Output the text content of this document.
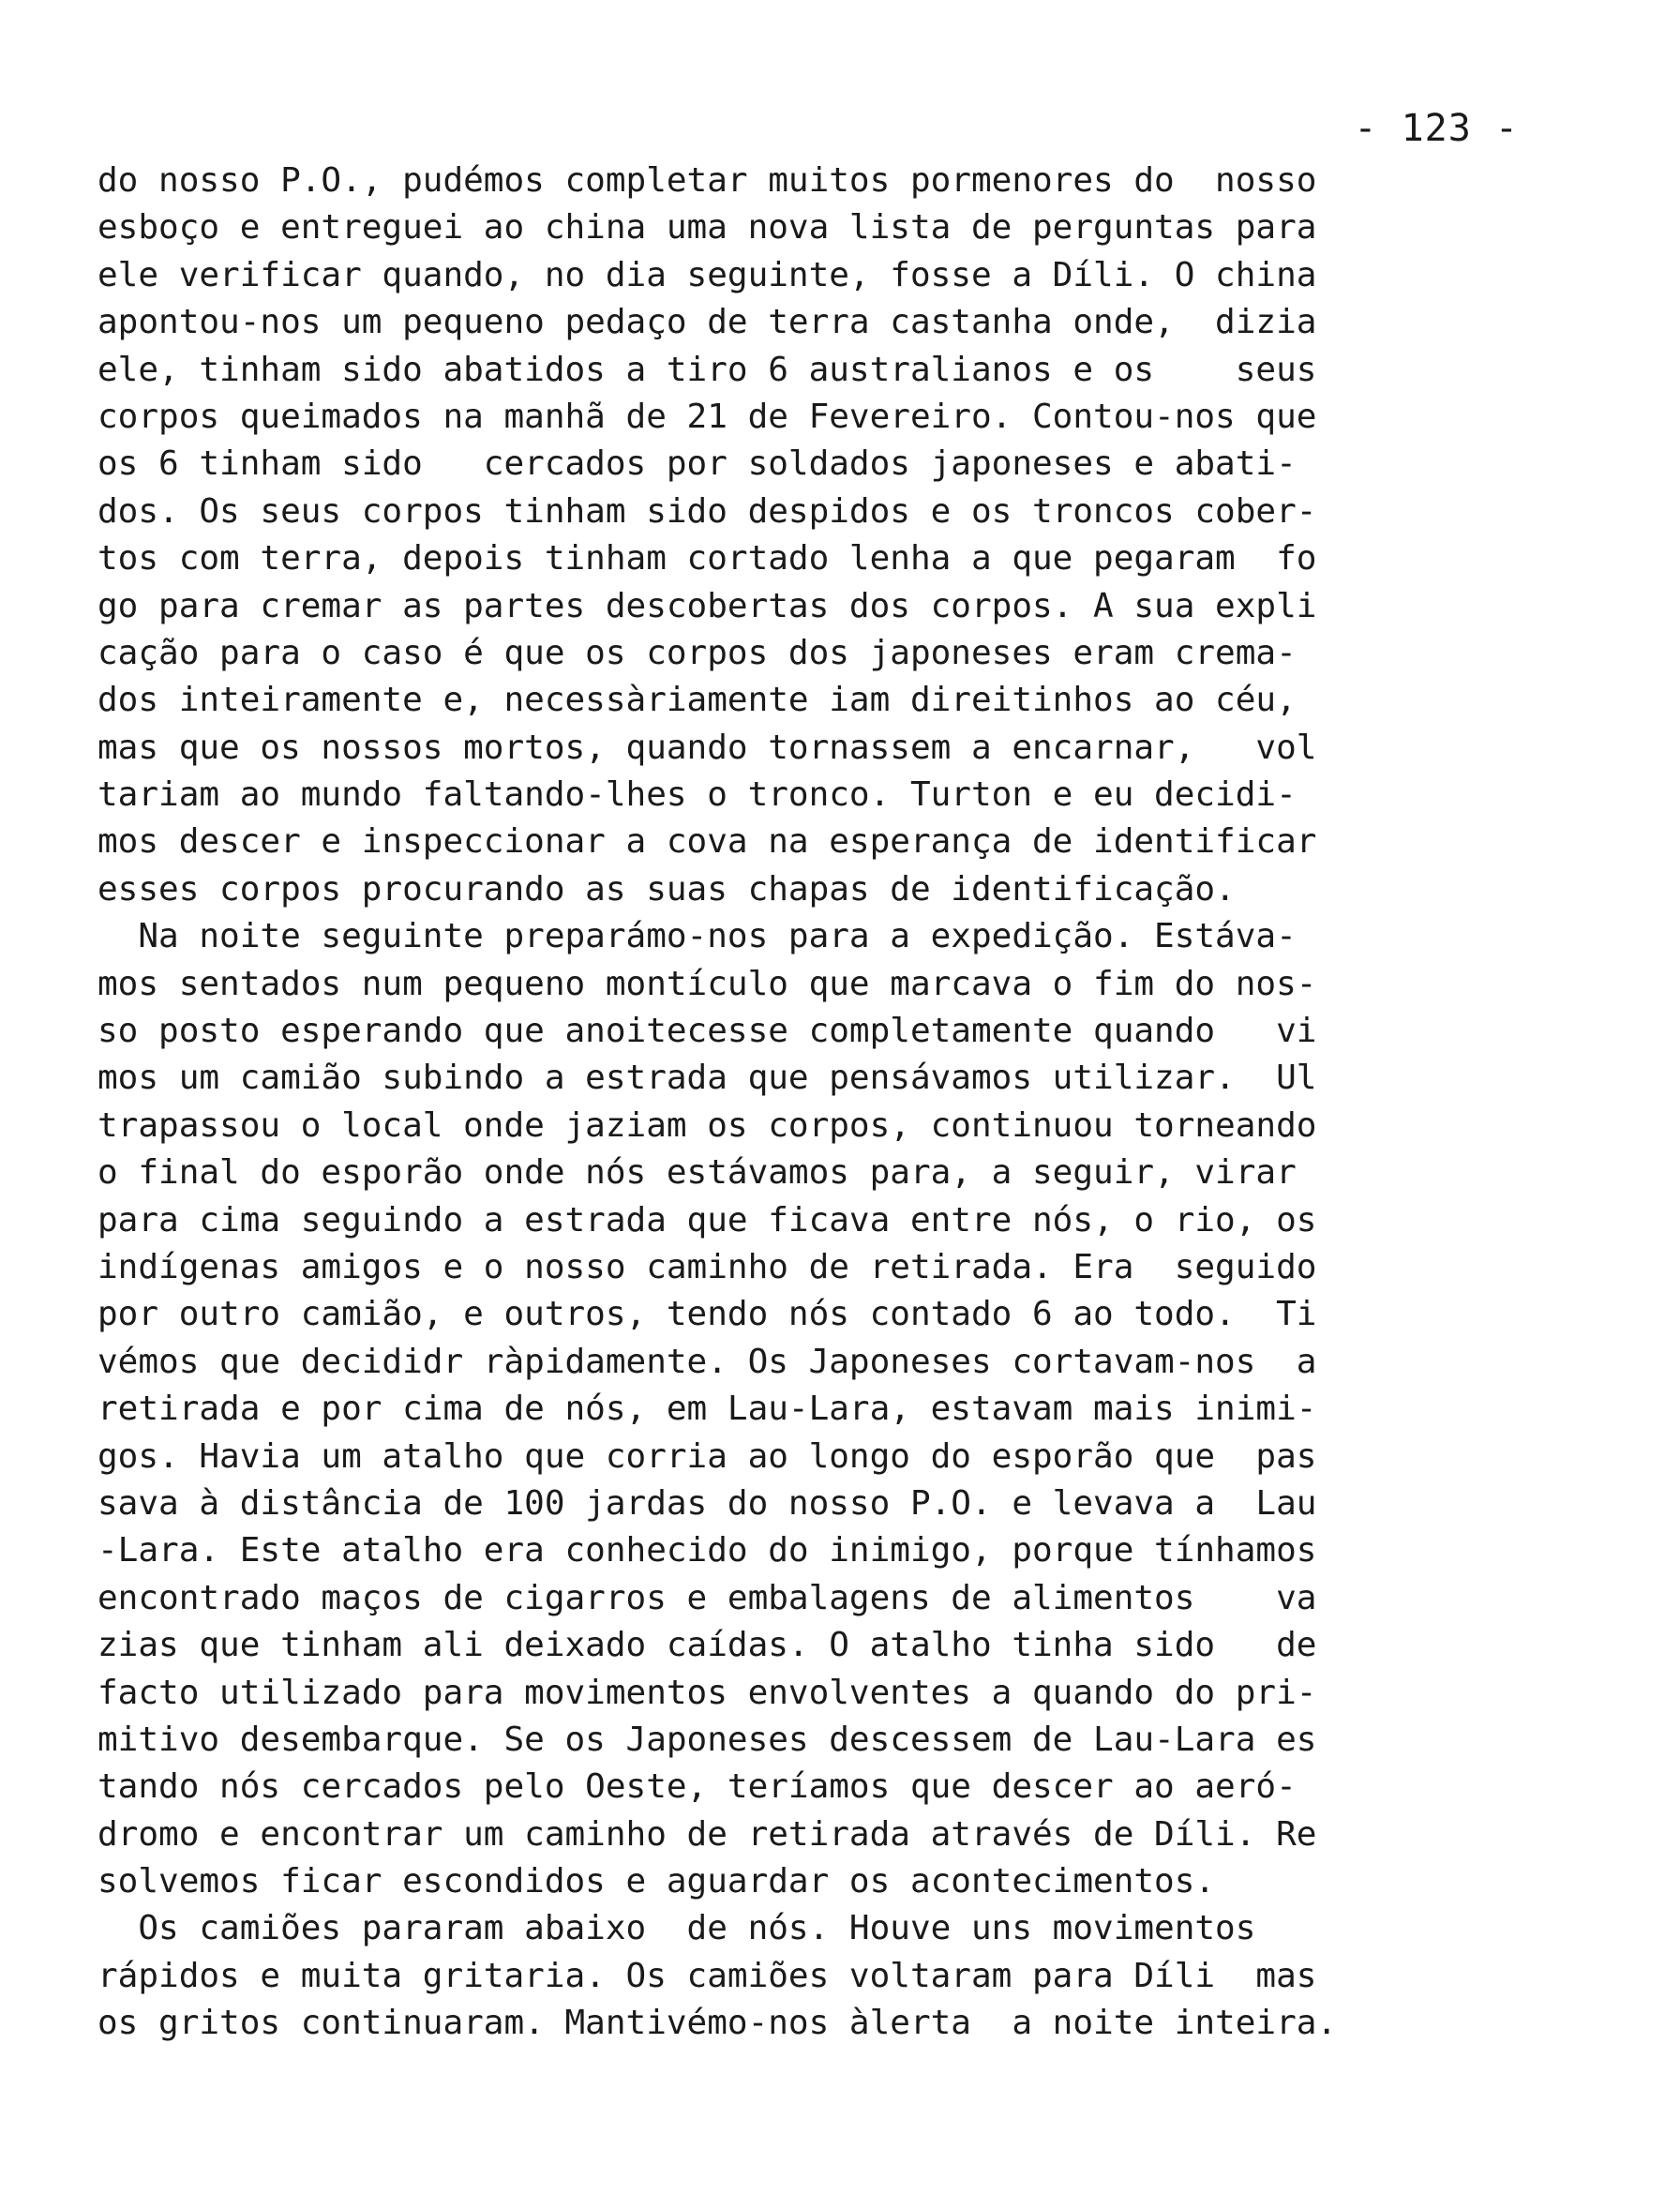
- 123 -
do nosso P.O., pudémos completar muitos pormenores do  nosso
esboço e entreguei ao china uma nova lista de perguntas para
ele verificar quando, no dia seguinte, fosse a Díli. O china
apontou-nos um pequeno pedaço de terra castanha onde,  dizia
ele, tinham sido abatidos a tiro 6 australianos e os    seus
corpos queimados na manhã de 21 de Fevereiro. Contou-nos que
os 6 tinham sido   cercados por soldados japoneses e abati-
dos. Os seus corpos tinham sido despidos e os troncos cober-
tos com terra, depois tinham cortado lenha a que pegaram  fo
go para cremar as partes descobertas dos corpos. A sua expli
cação para o caso é que os corpos dos japoneses eram crema-
dos inteiramente e, necessàriamente iam direitinhos ao céu,
mas que os nossos mortos, quando tornassem a encarnar,   vol
tariam ao mundo faltando-lhes o tronco. Turton e eu decidi-
mos descer e inspeccionar a cova na esperança de identificar
esses corpos procurando as suas chapas de identificação.
Na noite seguinte preparámo-nos para a expedição. Estáva-
mos sentados num pequeno montículo que marcava o fim do nos-
so posto esperando que anoitecesse completamente quando   vi
mos um camião subindo a estrada que pensávamos utilizar.  Ul
trapassou o local onde jaziam os corpos, continuou torneando
o final do esporão onde nós estávamos para, a seguir, virar
para cima seguindo a estrada que ficava entre nós, o rio, os
indígenas amigos e o nosso caminho de retirada. Era  seguido
por outro camião, e outros, tendo nós contado 6 ao todo.  Ti
vémos que decididr ràpidamente. Os Japoneses cortavam-nos  a
retirada e por cima de nós, em Lau-Lara, estavam mais inimi-
gos. Havia um atalho que corria ao longo do esporão que  pas
sava à distância de 100 jardas do nosso P.O. e levava a  Lau
-Lara. Este atalho era conhecido do inimigo, porque tínhamos
encontrado maços de cigarros e embalagens de alimentos    va
zias que tinham ali deixado caídas. O atalho tinha sido   de
facto utilizado para movimentos envolventes a quando do pri-
mitivo desembarque. Se os Japoneses descessem de Lau-Lara es
tando nós cercados pelo Oeste, teríamos que descer ao aeró-
dromo e encontrar um caminho de retirada através de Díli. Re
solvemos ficar escondidos e aguardar os acontecimentos.
Os camiões pararam abaixo  de nós. Houve uns movimentos
rápidos e muita gritaria. Os camiões voltaram para Díli  mas
os gritos continuaram. Mantivémo-nos àlerta  a noite inteira.
